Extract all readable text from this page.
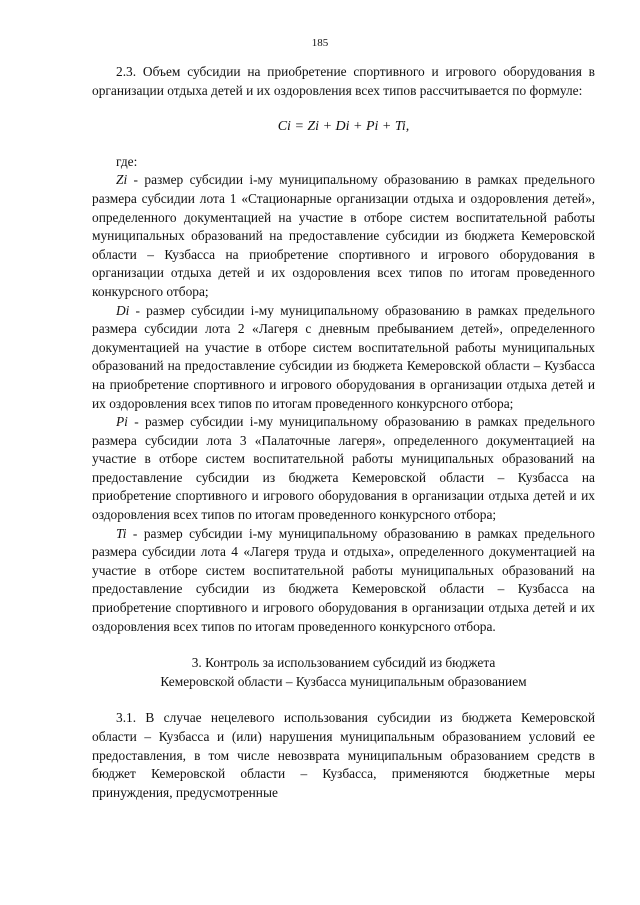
185

2.3. Объем субсидии на приобретение спортивного и игрового оборудования в организации отдыха детей и их оздоровления всех типов рассчитывается по формуле:

Ci = Zi + Di + Pi + Ti,

где:

Zi - размер субсидии i-му муниципальному образованию в рамках предельного размера субсидии лота 1 «Стационарные организации отдыха и оздоровления детей», определенного документацией на участие в отборе систем воспитательной работы муниципальных образований на предоставление субсидии из бюджета Кемеровской области – Кузбасса на приобретение спортивного и игрового оборудования в организации отдыха детей и их оздоровления всех типов по итогам проведенного конкурсного отбора;

Di - размер субсидии i-му муниципальному образованию в рамках предельного размера субсидии лота 2 «Лагеря с дневным пребыванием детей», определенного документацией на участие в отборе систем воспитательной работы муниципальных образований на предоставление субсидии из бюджета Кемеровской области – Кузбасса на приобретение спортивного и игрового оборудования в организации отдыха детей и их оздоровления всех типов по итогам проведенного конкурсного отбора;

Pi - размер субсидии i-му муниципальному образованию в рамках предельного размера субсидии лота 3 «Палаточные лагеря», определенного документацией на участие в отборе систем воспитательной работы муниципальных образований на предоставление субсидии из бюджета Кемеровской области – Кузбасса на приобретение спортивного и игрового оборудования в организации отдыха детей и их оздоровления всех типов по итогам проведенного конкурсного отбора;

Ti - размер субсидии i-му муниципальному образованию в рамках предельного размера субсидии лота 4 «Лагеря труда и отдыха», определенного документацией на участие в отборе систем воспитательной работы муниципальных образований на предоставление субсидии из бюджета Кемеровской области – Кузбасса на приобретение спортивного и игрового оборудования в организации отдыха детей и их оздоровления всех типов по итогам проведенного конкурсного отбора.

3. Контроль за использованием субсидий из бюджета
Кемеровской области – Кузбасса муниципальным образованием

3.1. В случае нецелевого использования субсидии из бюджета Кемеровской области – Кузбасса и (или) нарушения муниципальным образованием условий ее предоставления, в том числе невозврата муниципальным образованием средств в бюджет Кемеровской области – Кузбасса, применяются бюджетные меры принуждения, предусмотренные
